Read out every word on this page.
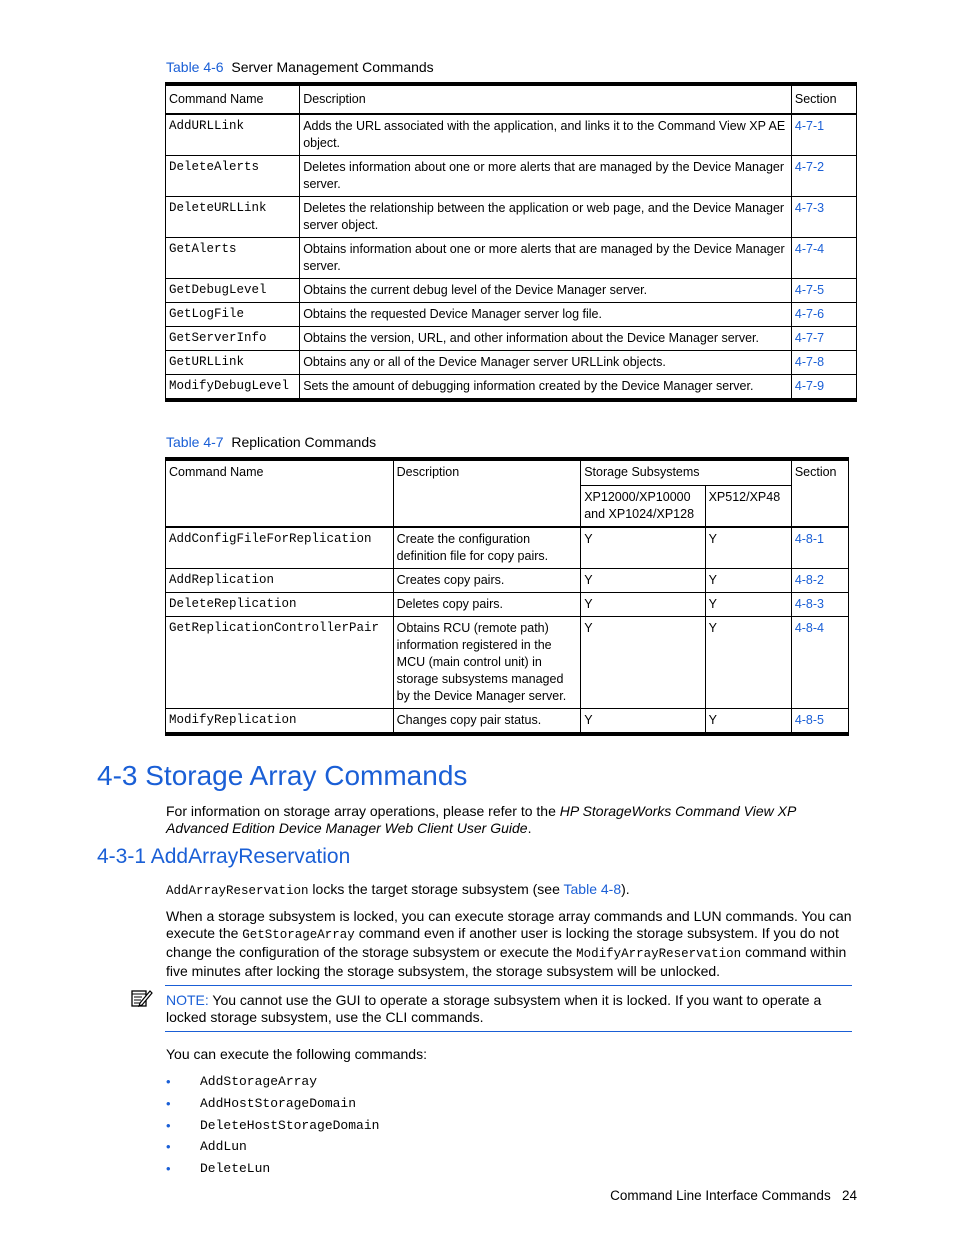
Table 4-6 Server Management Commands
Command Name	Description	Section
AddURLLink	Adds the URL associated with the application, and links it to the Command View XP AE object.	4-7-1
DeleteAlerts	Deletes information about one or more alerts that are managed by the Device Manager server.	4-7-2
DeleteURLLink	Deletes the relationship between the application or web page, and the Device Manager server object.	4-7-3
GetAlerts	Obtains information about one or more alerts that are managed by the Device Manager server.	4-7-4
GetDebugLevel	Obtains the current debug level of the Device Manager server.	4-7-5
GetLogFile	Obtains the requested Device Manager server log file.	4-7-6
GetServerInfo	Obtains the version, URL, and other information about the Device Manager server.	4-7-7
GetURLLink	Obtains any or all of the Device Manager server URLLink objects.	4-7-8
ModifyDebugLevel	Sets the amount of debugging information created by the Device Manager server.	4-7-9
Table 4-7 Replication Commands
Command Name	Description	Storage Subsystems		Section
		XP12000/XP10000 and XP1024/XP128	XP512/XP48	
AddConfigFileForReplication	Create the configuration definition file for copy pairs.	Y	Y	4-8-1
AddReplication	Creates copy pairs.	Y	Y	4-8-2
DeleteReplication	Deletes copy pairs.	Y	Y	4-8-3
GetReplicationControllerPair	Obtains RCU (remote path) information registered in the MCU (main control unit) in storage subsystems managed by the Device Manager server.	Y	Y	4-8-4
ModifyReplication	Changes copy pair status.	Y	Y	4-8-5
4-3 Storage Array Commands

For information on storage array operations, please refer to the HP StorageWorks Command View XP Advanced Edition Device Manager Web Client User Guide.

4-3-1 AddArrayReservation

AddArrayReservation locks the target storage subsystem (see Table 4-8).

When a storage subsystem is locked, you can execute storage array commands and LUN commands. You can execute the GetStorageArray command even if another user is locking the storage subsystem. If you do not change the configuration of the storage subsystem or execute the ModifyArrayReservation command within five minutes after locking the storage subsystem, the storage subsystem will be unlocked.

NOTE: You cannot use the GUI to operate a storage subsystem when it is locked. If you want to operate a locked storage subsystem, use the CLI commands.

You can execute the following commands:

• AddStorageArray
• AddHostStorageDomain
• DeleteHostStorageDomain
• AddLun
• DeleteLun
Command Line Interface Commands 24
